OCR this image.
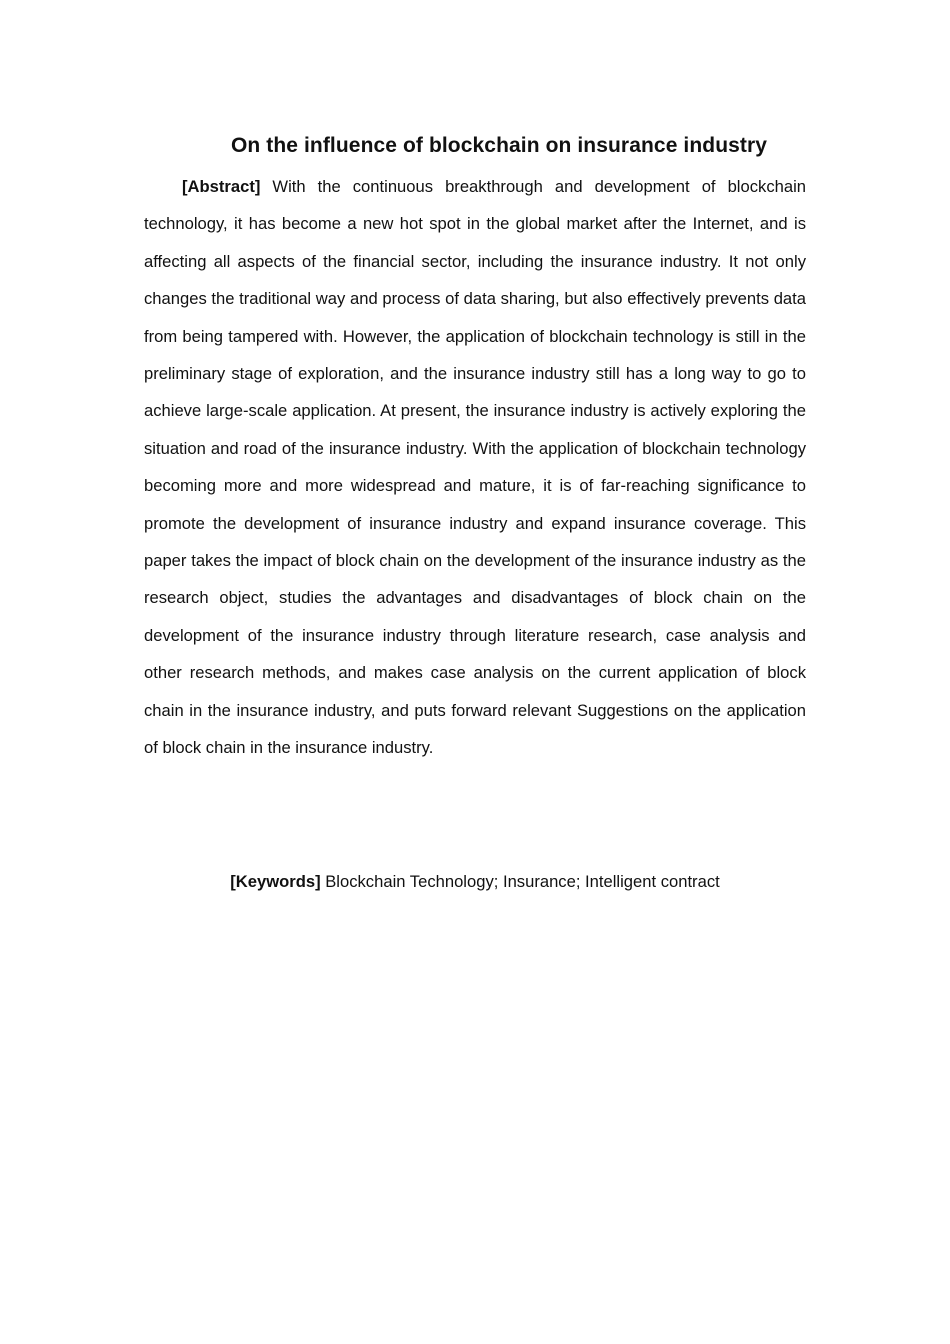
On the influence of blockchain on insurance industry

[Abstract] With the continuous breakthrough and development of blockchain technology, it has become a new hot spot in the global market after the Internet, and is affecting all aspects of the financial sector, including the insurance industry. It not only changes the traditional way and process of data sharing, but also effectively prevents data from being tampered with. However, the application of blockchain technology is still in the preliminary stage of exploration, and the insurance industry still has a long way to go to achieve large-scale application. At present, the insurance industry is actively exploring the situation and road of the insurance industry. With the application of blockchain technology becoming more and more widespread and mature, it is of far-reaching significance to promote the development of insurance industry and expand insurance coverage. This paper takes the impact of block chain on the development of the insurance industry as the research object, studies the advantages and disadvantages of block chain on the development of the insurance industry through literature research, case analysis and other research methods, and makes case analysis on the current application of block chain in the insurance industry, and puts forward relevant Suggestions on the application of block chain in the insurance industry.

[Keywords] Blockchain Technology; Insurance; Intelligent contract
